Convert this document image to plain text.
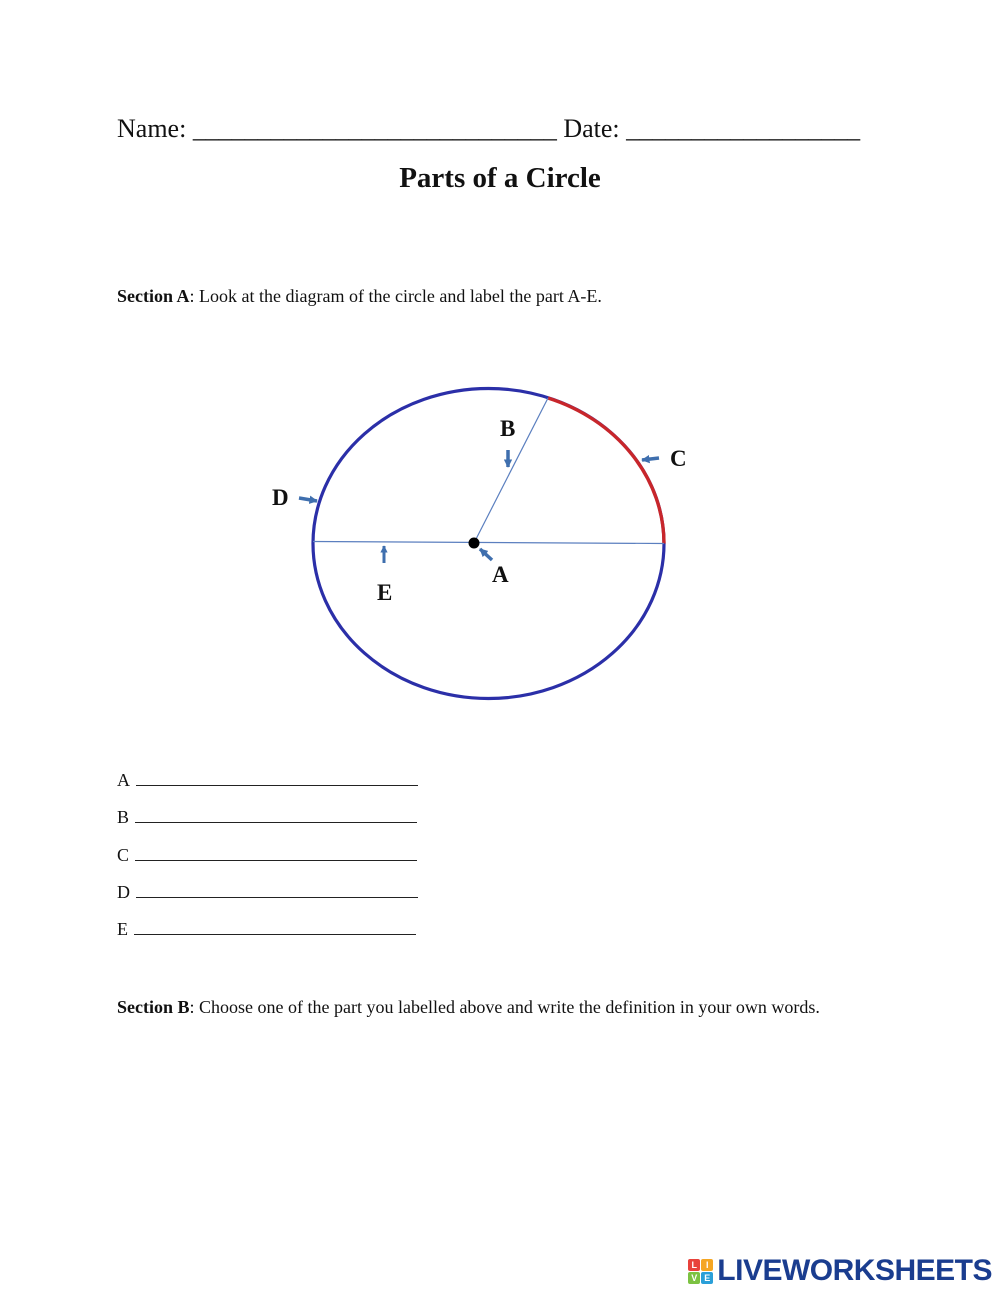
Name: ____________________________ Date: __________________
Parts of a Circle
Section A: Look at the diagram of the circle and label the part A-E.
B
C
D
A
E
A
B
C
D
E
Section B: Choose one of the part you labelled above and write the definition in your own words.
L I
V E LIVEWORKSHEETS
